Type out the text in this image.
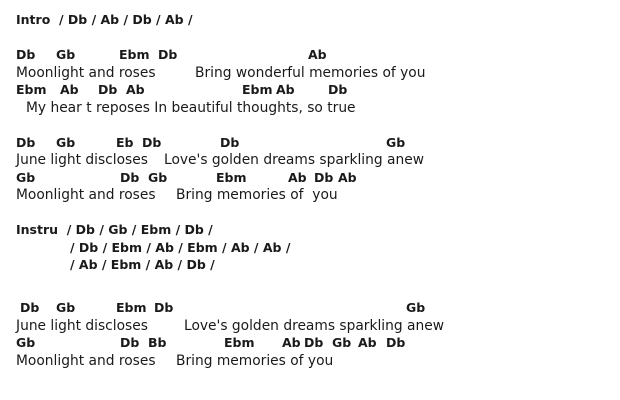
Intro  / Db / Ab / Db / Ab /
Db Gb	Ebm Db	Ab
Moonlight and roses	Bring wonderful memories of you
Ebm Ab Db Ab	Ebm Ab	Db
My hear t reposes In beautiful thoughts, so true
Db Gb	Eb Db	Db	Gb
June light discloses Love's golden dreams sparkling anew
Gb	Db Gb	Ebm	Ab Db Ab
Moonlight and roses Bring memories of  you
Instru  / Db / Gb / Ebm / Db /
/ Db / Ebm / Ab / Ebm / Ab / Ab /
/ Ab / Ebm / Ab / Db /
Db Gb	Ebm Db	Gb
June light discloses	Love's golden dreams sparkling anew
Gb	Db Bb	Ebm Ab Db Gb Ab Db
Moonlight and roses Bring memories of you
